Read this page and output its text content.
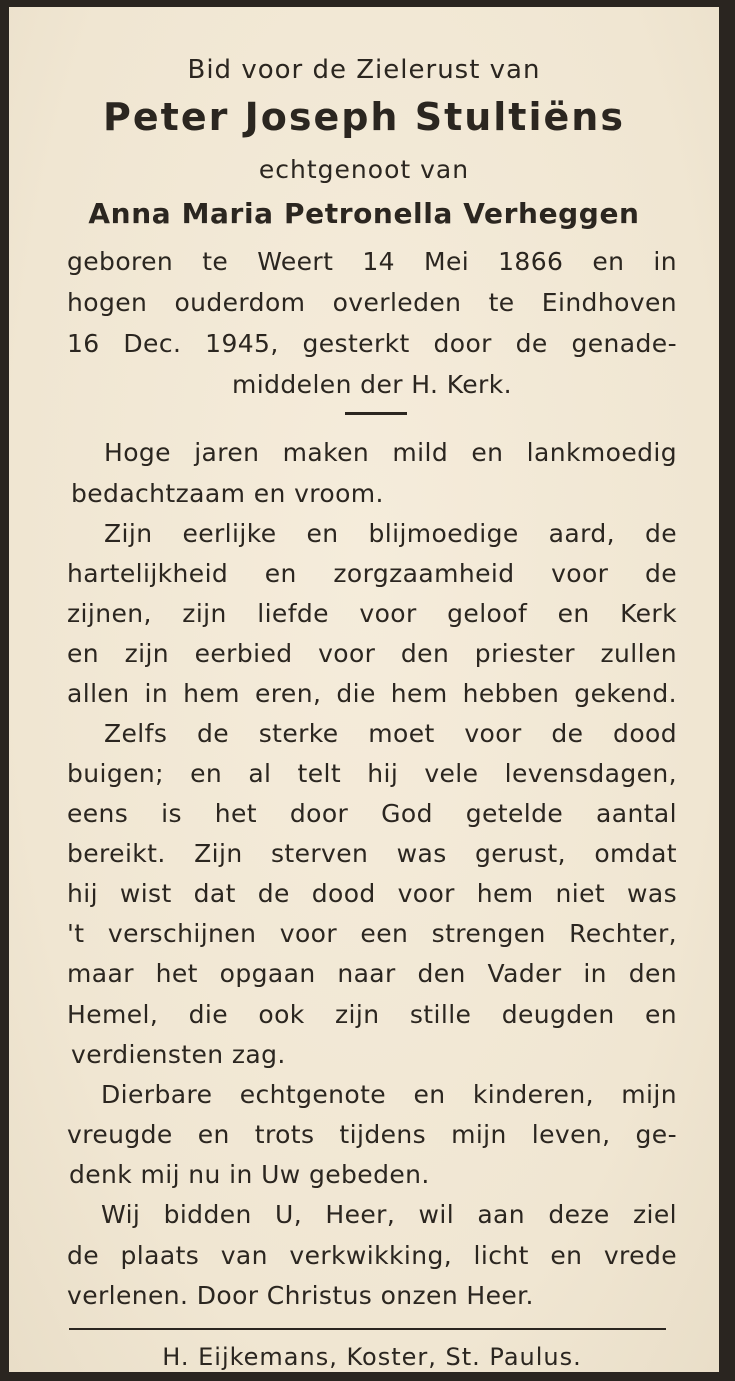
Bid voor de Zielerust van
Peter Joseph Stultiëns
echtgenoot van
Anna Maria Petronella Verheggen
geboren te Weert 14 Mei 1866 en in
hogen ouderdom overleden te Eindhoven
16 Dec. 1945, gesterkt door de genade-
middelen der H. Kerk.
Hoge jaren maken mild en lankmoedig
bedachtzaam en vroom.
Zijn eerlijke en blijmoedige aard, de
hartelijkheid en zorgzaamheid voor de
zijnen, zijn liefde voor geloof en Kerk
en zijn eerbied voor den priester zullen
allen in hem eren, die hem hebben gekend.
Zelfs de sterke moet voor de dood
buigen; en al telt hij vele levensdagen,
eens is het door God getelde aantal
bereikt. Zijn sterven was gerust, omdat
hij wist dat de dood voor hem niet was
't verschijnen voor een strengen Rechter,
maar het opgaan naar den Vader in den
Hemel, die ook zijn stille deugden en
verdiensten zag.
Dierbare echtgenote en kinderen, mijn
vreugde en trots tijdens mijn leven, ge-
denk mij nu in Uw gebeden.
Wij bidden U, Heer, wil aan deze ziel
de plaats van verkwikking, licht en vrede
verlenen. Door Christus onzen Heer.
H. Eijkemans, Koster, St. Paulus.
